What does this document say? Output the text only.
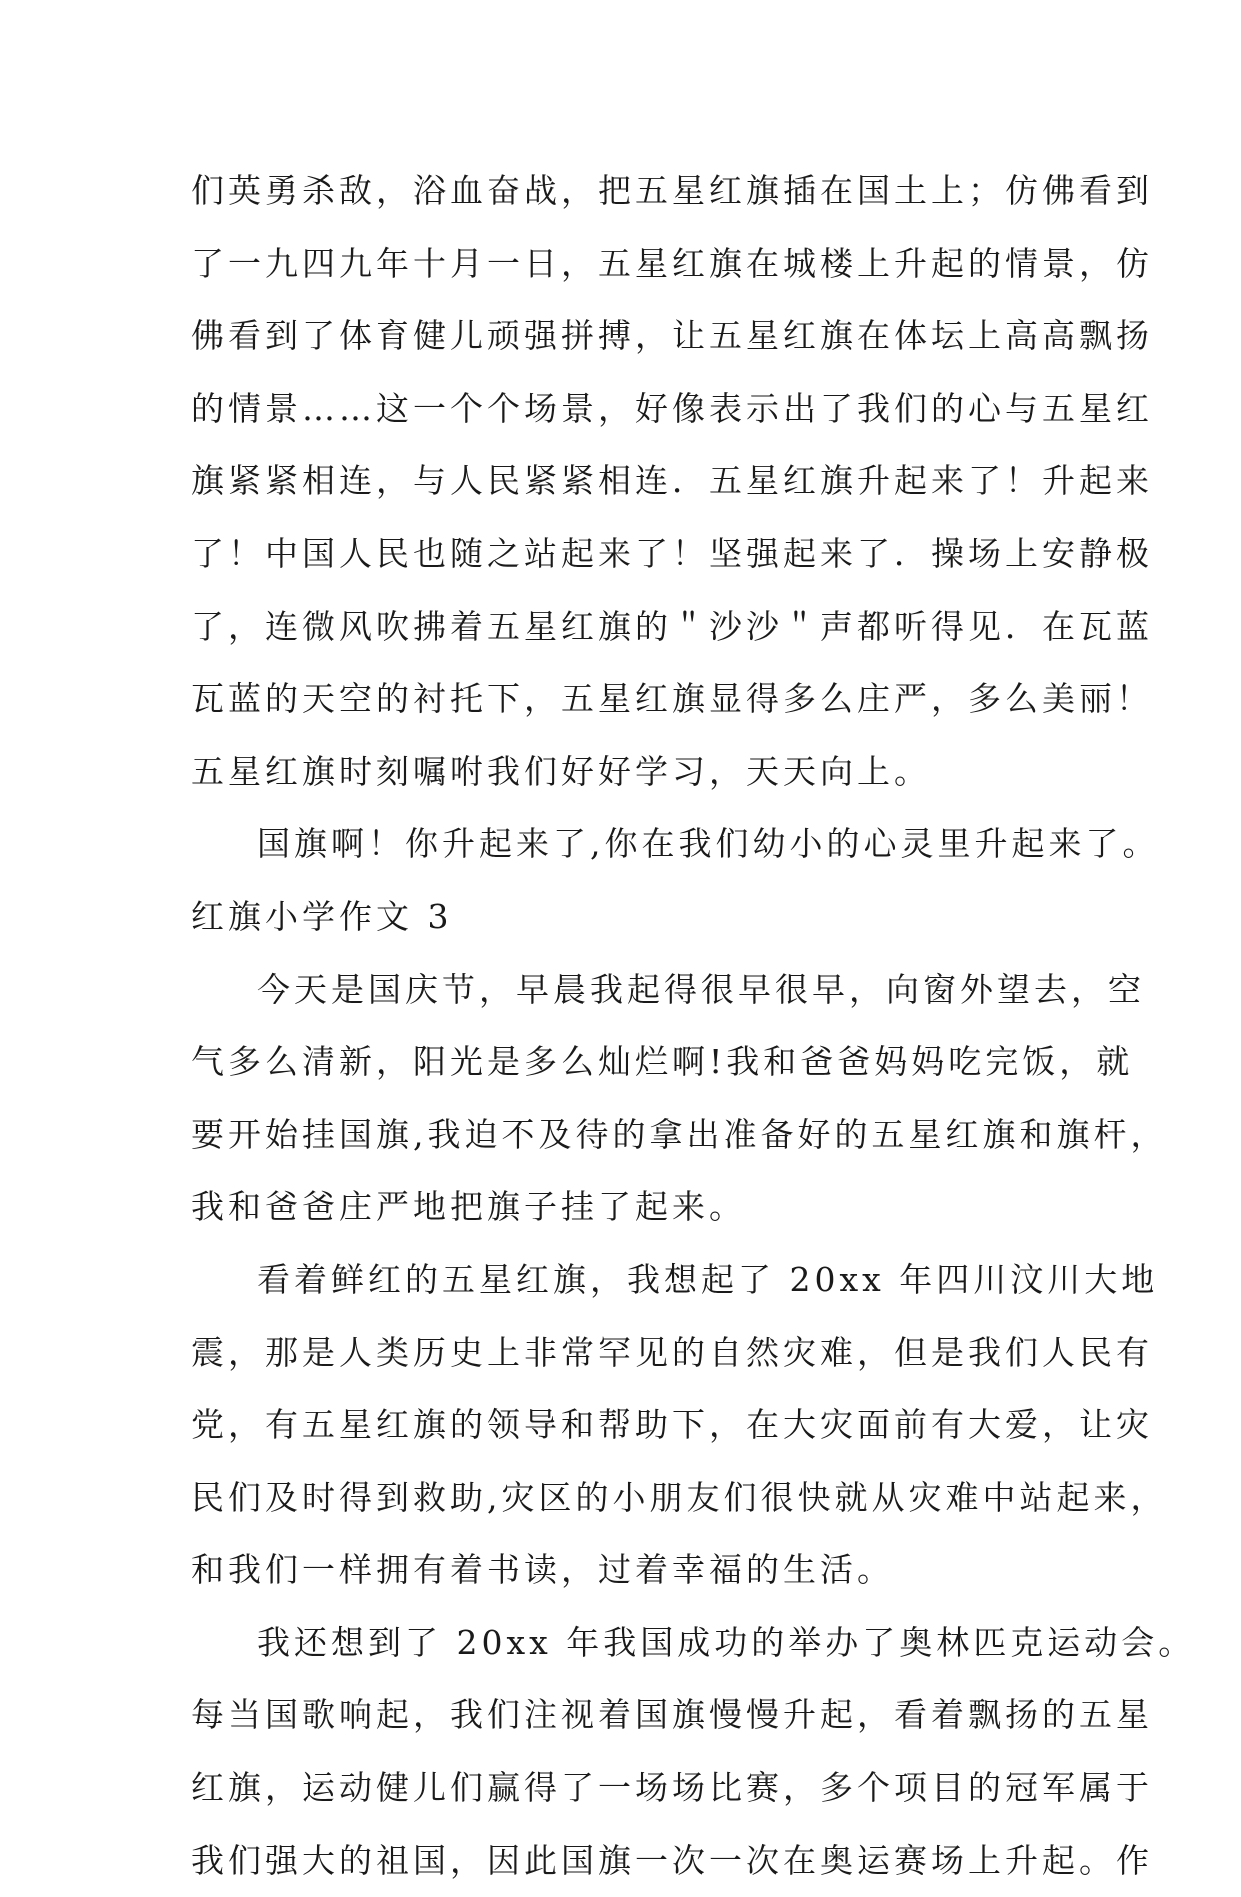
们英勇杀敌，浴血奋战，把五星红旗插在国土上；仿佛看到
了一九四九年十月一日，五星红旗在城楼上升起的情景，仿
佛看到了体育健儿顽强拼搏，让五星红旗在体坛上高高飘扬
的情景……这一个个场景，好像表示出了我们的心与五星红
旗紧紧相连，与人民紧紧相连．五星红旗升起来了！升起来
了！中国人民也随之站起来了！坚强起来了．操场上安静极
了，连微风吹拂着五星红旗的＂沙沙＂声都听得见．在瓦蓝
瓦蓝的天空的衬托下，五星红旗显得多么庄严，多么美丽！
五星红旗时刻嘱咐我们好好学习，天天向上。
国旗啊！你升起来了,你在我们幼小的心灵里升起来了。
红旗小学作文 3
今天是国庆节，早晨我起得很早很早，向窗外望去，空
气多么清新，阳光是多么灿烂啊!我和爸爸妈妈吃完饭，就
要开始挂国旗,我迫不及待的拿出准备好的五星红旗和旗杆，
我和爸爸庄严地把旗子挂了起来。
看着鲜红的五星红旗，我想起了 20xx 年四川汶川大地
震，那是人类历史上非常罕见的自然灾难，但是我们人民有
党，有五星红旗的领导和帮助下，在大灾面前有大爱，让灾
民们及时得到救助,灾区的小朋友们很快就从灾难中站起来，
和我们一样拥有着书读，过着幸福的生活。
我还想到了 20xx 年我国成功的举办了奥林匹克运动会。
每当国歌响起，我们注视着国旗慢慢升起，看着飘扬的五星
红旗，运动健儿们赢得了一场场比赛，多个项目的冠军属于
我们强大的祖国，因此国旗一次一次在奥运赛场上升起。作
